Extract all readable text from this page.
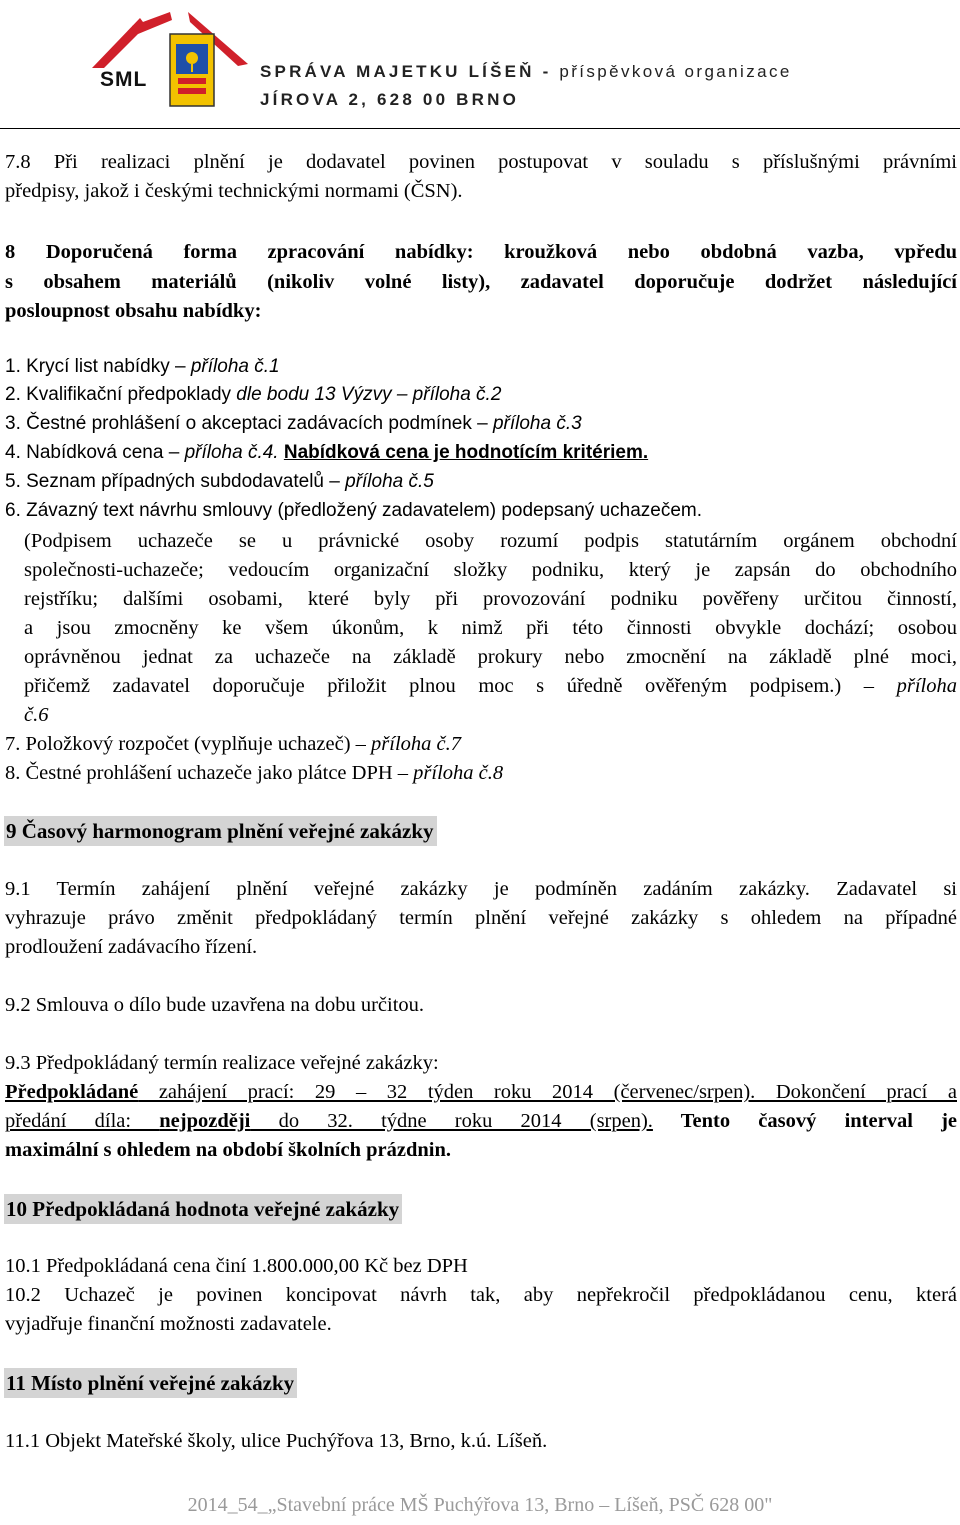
SML	SPRÁVA MAJETKU LÍŠEŇ - příspěvková organizace
JÍROVA 2, 628 00 BRNO
7.8 Při realizaci plnění je dodavatel povinen postupovat v souladu s příslušnými právními
předpisy, jakož i českými technickými normami (ČSN).
8 Doporučená forma zpracování nabídky: kroužková nebo obdobná vazba, vpředu
s obsahem materiálů (nikoliv volné listy), zadavatel doporučuje dodržet následující
posloupnost obsahu nabídky:
1. Krycí list nabídky – příloha č.1
2. Kvalifikační předpoklady dle bodu 13 Výzvy – příloha č.2
3. Čestné prohlášení o akceptaci zadávacích podmínek – příloha č.3
4. Nabídková cena – příloha č.4. Nabídková cena je hodnotícím kritériem.
5. Seznam případných subdodavatelů – příloha č.5
6. Závazný text návrhu smlouvy (předložený zadavatelem) podepsaný uchazečem.
(Podpisem uchazeče se u právnické osoby rozumí podpis statutárním orgánem obchodní
společnosti-uchazeče; vedoucím organizační složky podniku, který je zapsán do obchodního
rejstříku; dalšími osobami, které byly při provozování podniku pověřeny určitou činností,
a jsou zmocněny ke všem úkonům, k nimž při této činnosti obvykle dochází; osobou
oprávněnou jednat za uchazeče na základě prokury nebo zmocnění na základě plné moci,
přičemž zadavatel doporučuje přiložit plnou moc s úředně ověřeným podpisem.) – příloha
č.6
7. Položkový rozpočet (vyplňuje uchazeč) – příloha č.7
8. Čestné prohlášení uchazeče jako plátce DPH – příloha č.8
9 Časový harmonogram plnění veřejné zakázky
9.1 Termín zahájení plnění veřejné zakázky je podmíněn zadáním zakázky. Zadavatel si
vyhrazuje právo změnit předpokládaný termín plnění veřejné zakázky s ohledem na případné
prodloužení zadávacího řízení.
9.2 Smlouva o dílo bude uzavřena na dobu určitou.
9.3 Předpokládaný termín realizace veřejné zakázky:
Předpokládané zahájení prací: 29 – 32 týden roku 2014 (červenec/srpen). Dokončení prací a
předání díla: nejpozději do 32. týdne roku 2014 (srpen). Tento časový interval je
maximální s ohledem na období školních prázdnin.
10 Předpokládaná hodnota veřejné zakázky
10.1 Předpokládaná cena činí 1.800.000,00 Kč bez DPH
10.2 Uchazeč je povinen koncipovat návrh tak, aby nepřekročil předpokládanou cenu, která
vyjadřuje finanční možnosti zadavatele.
11 Místo plnění veřejné zakázky
11.1 Objekt Mateřské školy, ulice Puchýřova 13, Brno, k.ú. Líšeň.
2014_54_„Stavební práce MŠ Puchýřova 13, Brno – Líšeň, PSČ 628 00"
